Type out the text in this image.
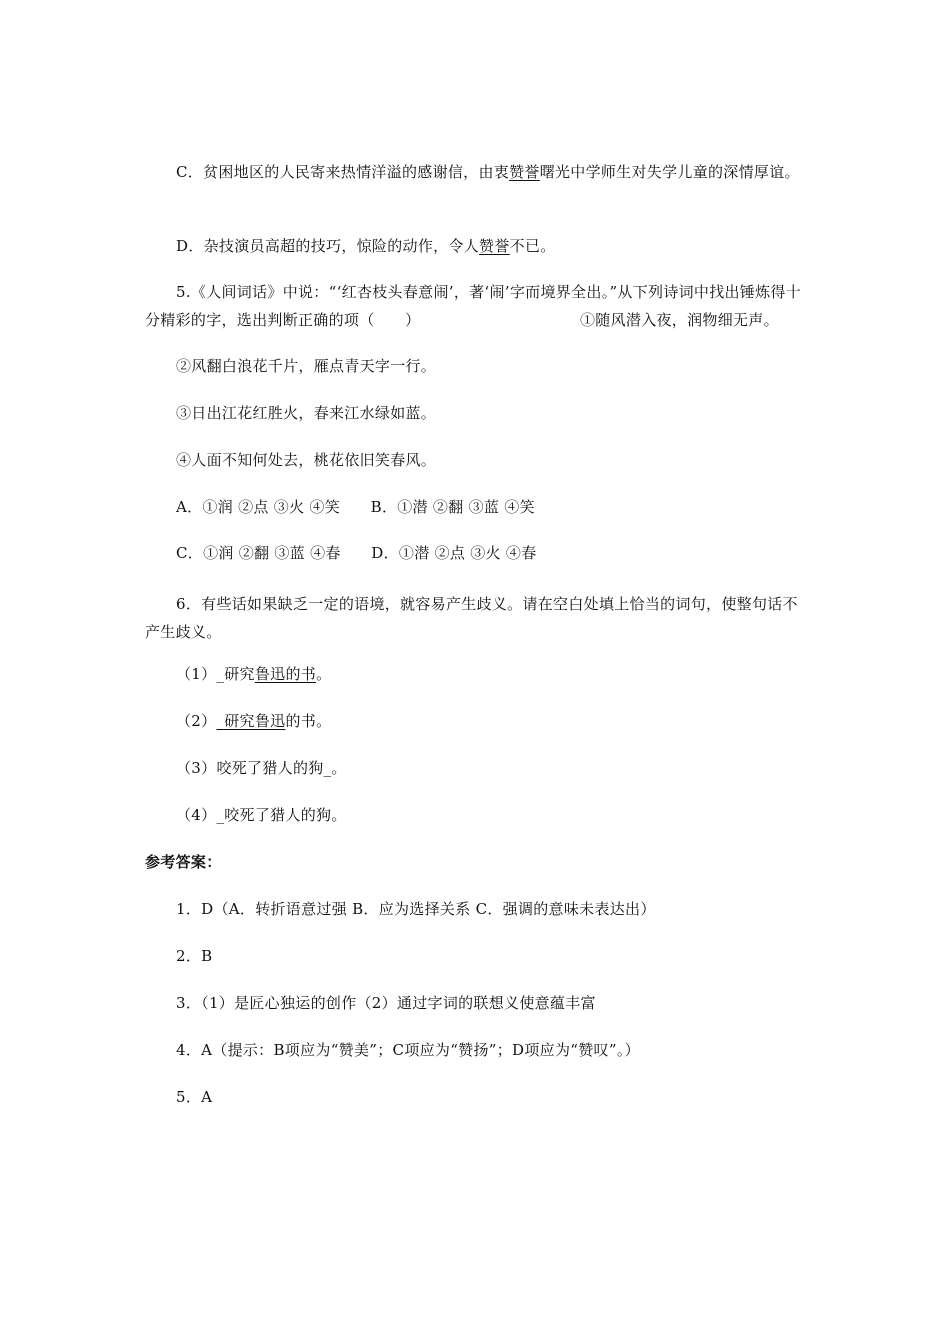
C．贫困地区的人民寄来热情洋溢的感谢信，由衷赞誉曙光中学师生对失学儿童的深情厚谊。
D．杂技演员高超的技巧，惊险的动作，令人赞誉不已。
5.《人间词话》中说：“‘红杏枝头春意闹’，著‘闹’字而境界全出。”从下列诗词中找出锤炼得十分精彩的字，选出判断正确的项（　　）	①随风潜入夜，润物细无声。
②风翻白浪花千片，雁点青天字一行。
③日出江花红胜火，春来江水绿如蓝。
④人面不知何处去，桃花依旧笑春风。
A．①润 ②点 ③火 ④笑　　B．①潜 ②翻 ③蓝 ④笑
C．①润 ②翻 ③蓝 ④春　　D．①潜 ②点 ③火 ④春
6．有些话如果缺乏一定的语境，就容易产生歧义。请在空白处填上恰当的词句，使整句话不产生歧义。
（1）_研究鲁迅的书。
（2）_研究鲁迅的书。
（3）咬死了猎人的狗_。
（4）_咬死了猎人的狗。
参考答案：
1．D（A．转折语意过强 B．应为选择关系 C．强调的意味未表达出）
2．B
3．（1）是匠心独运的创作（2）通过字词的联想义使意蕴丰富
4．A（提示：B项应为“赞美”；C项应为“赞扬”；D项应为“赞叹”。）
5．A
